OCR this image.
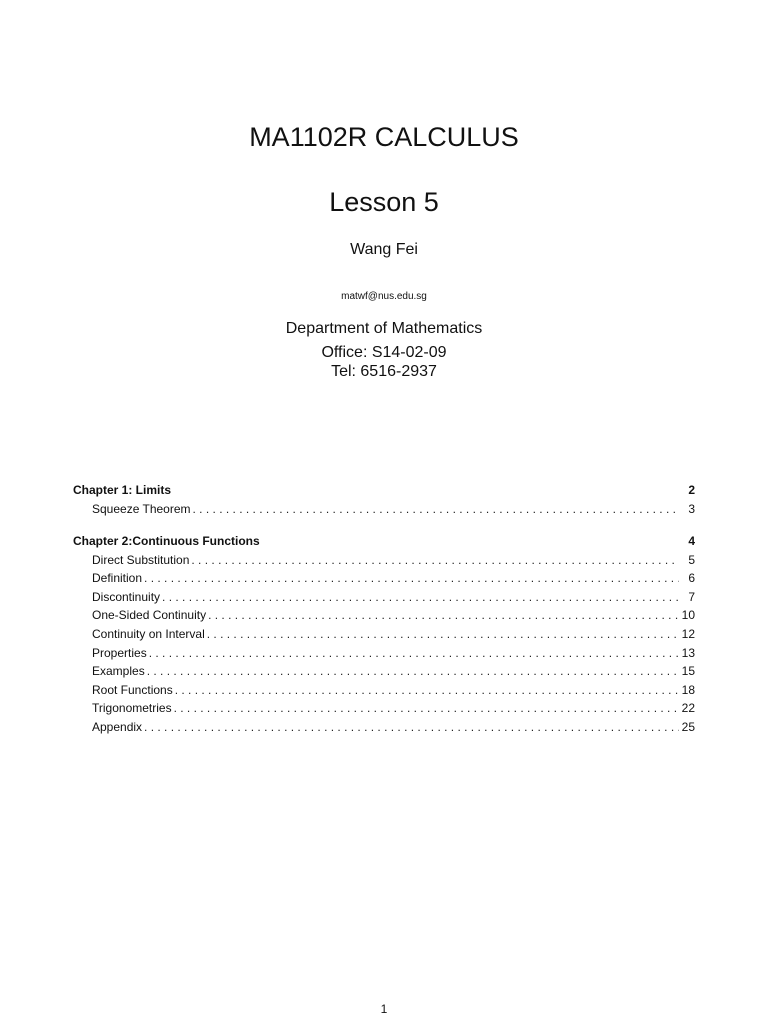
MA1102R CALCULUS
Lesson 5
Wang Fei
matwf@nus.edu.sg
Department of Mathematics
Office: S14-02-09
Tel: 6516-2937
Chapter 1: Limits	2
Squeeze Theorem . . .	3
Chapter 2:Continuous Functions	4
Direct Substitution . . .	5
Definition . . .	6
Discontinuity . . .	7
One-Sided Continuity . . .	10
Continuity on Interval . . .	12
Properties . . .	13
Examples . . .	15
Root Functions . . .	18
Trigonometries . . .	22
Appendix . . .	25
1
